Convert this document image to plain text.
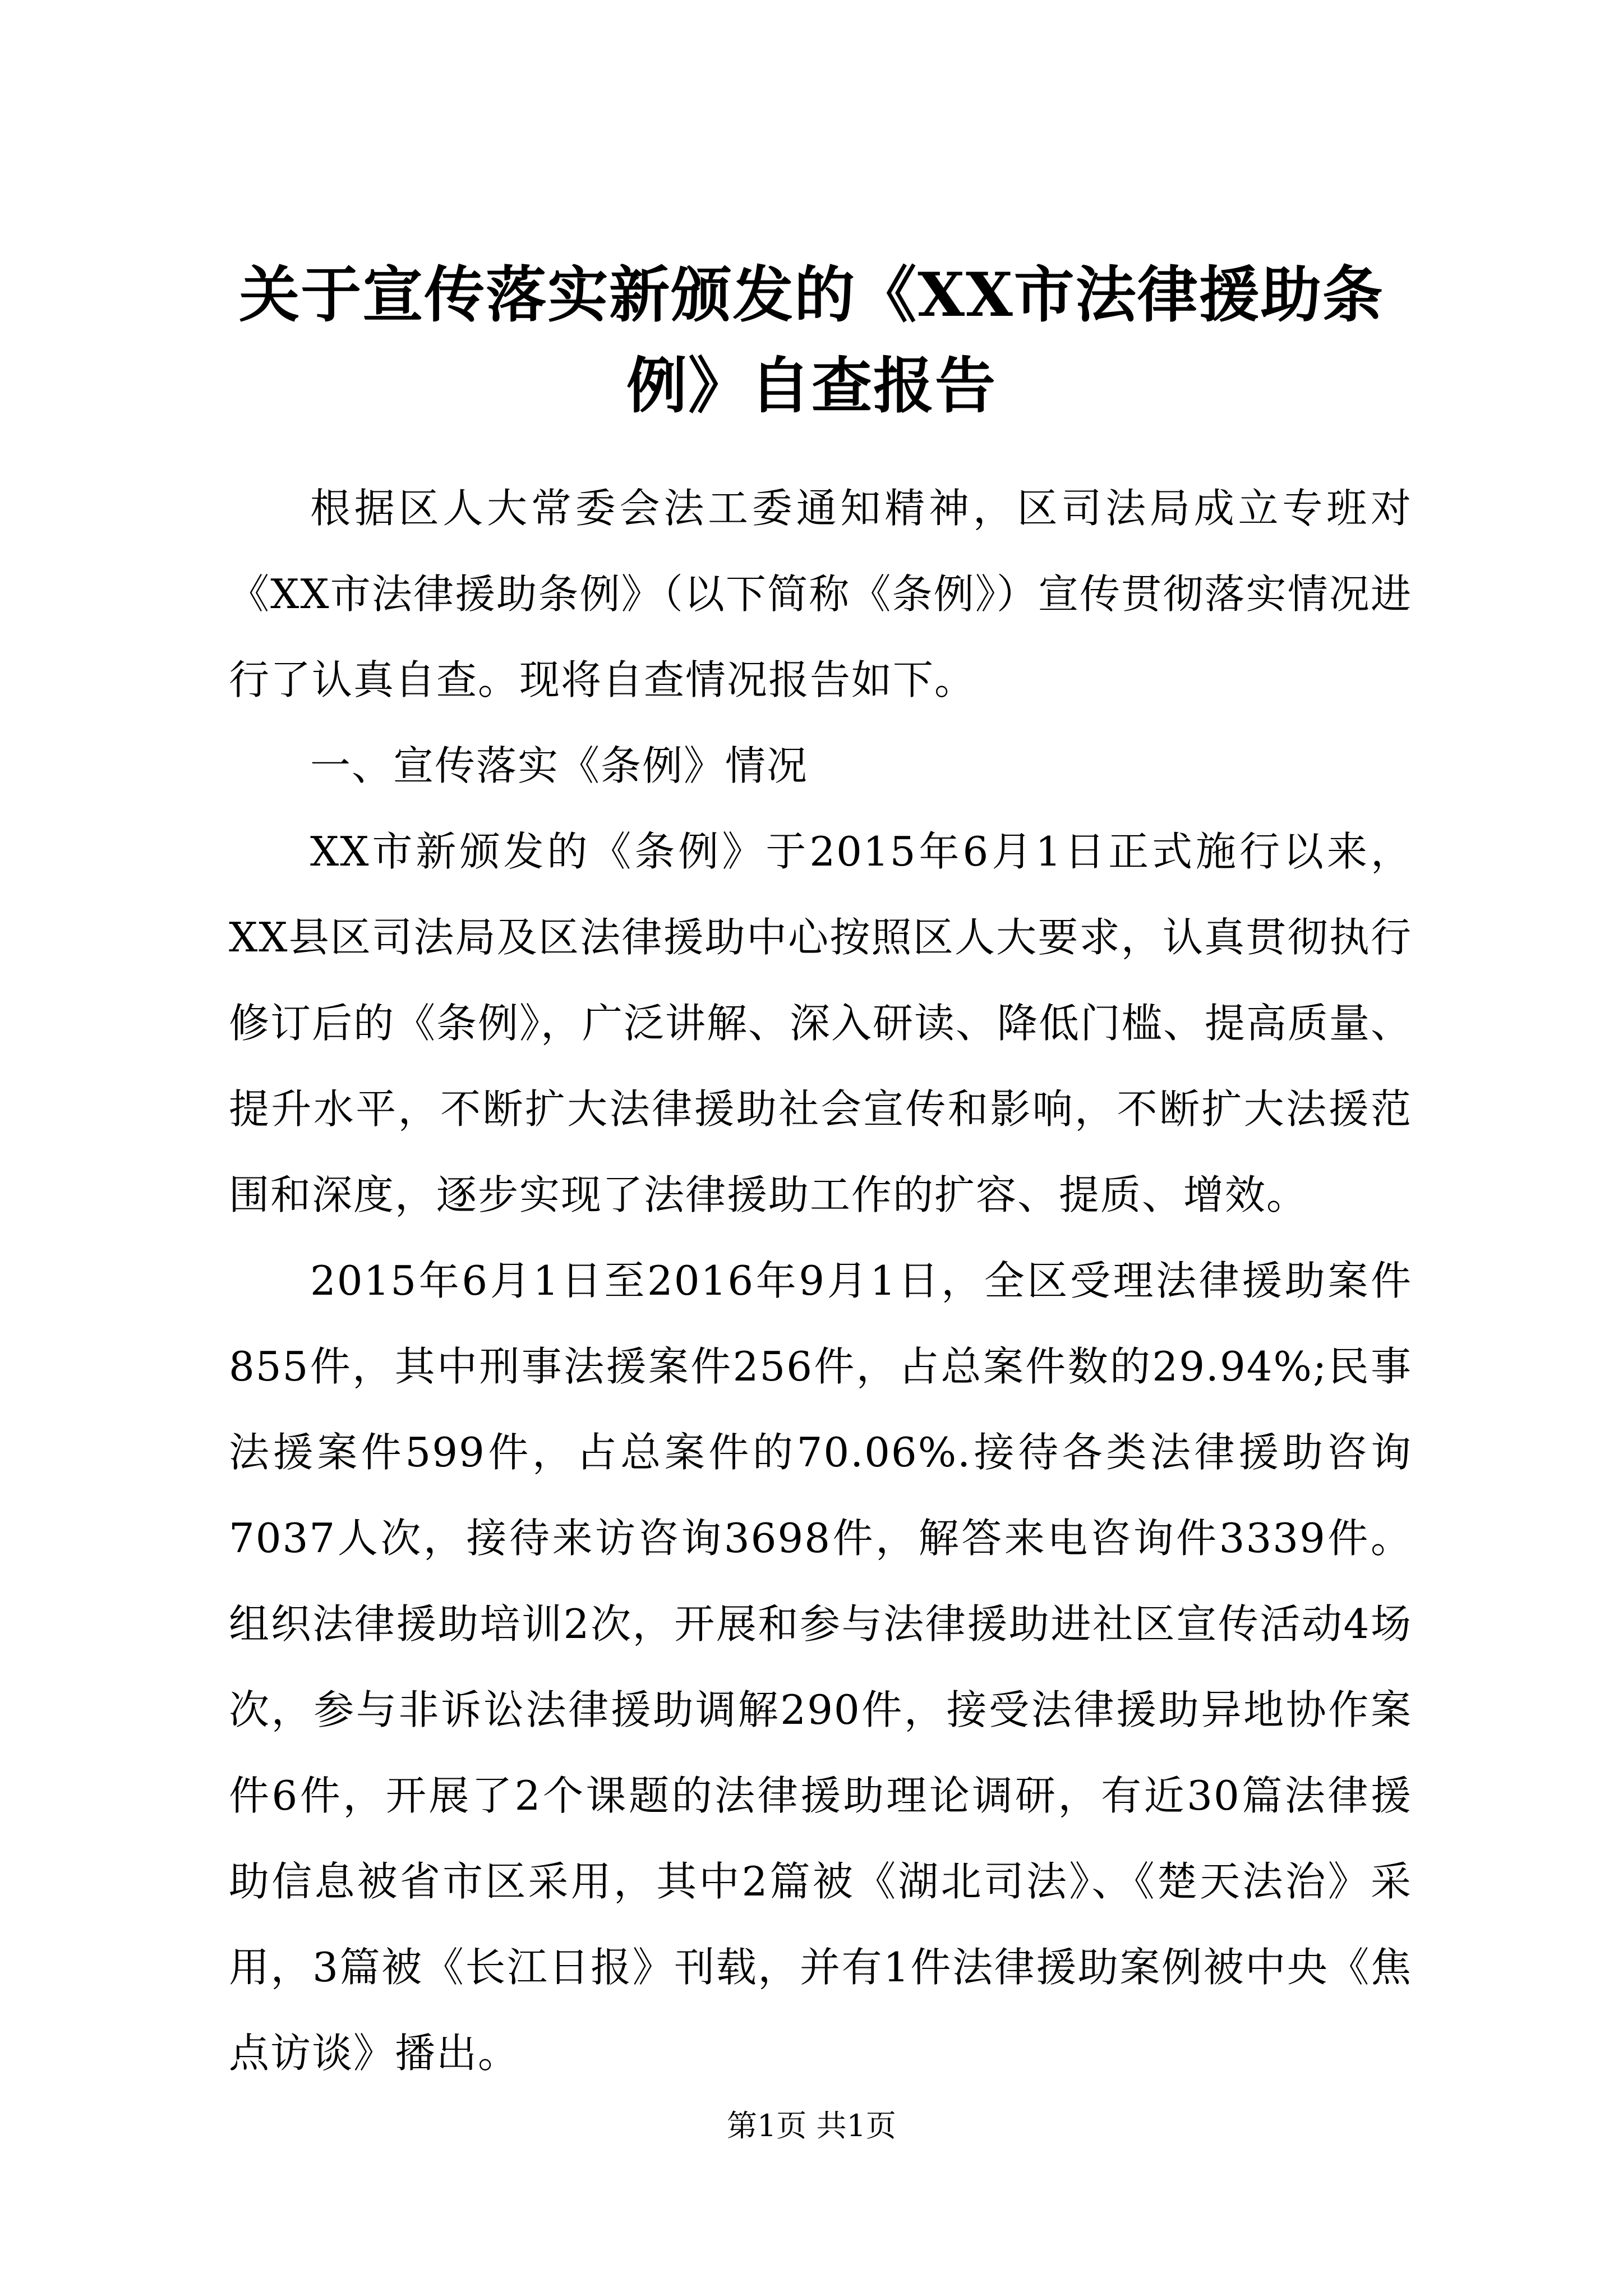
关于宣传落实新颁发的《XX市法律援助条
例》自查报告

根据区人大常委会法工委通知精神，区司法局成立专班对《XX市法律援助条例》（以下简称《条例》）宣传贯彻落实情况进行了认真自查。现将自查情况报告如下。

一、宣传落实《条例》情况

XX市新颁发的《条例》于2015年6月1日正式施行以来，XX县区司法局及区法律援助中心按照区人大要求，认真贯彻执行修订后的《条例》，广泛讲解、深入研读、降低门槛、提高质量、提升水平，不断扩大法律援助社会宣传和影响，不断扩大法援范围和深度，逐步实现了法律援助工作的扩容、提质、增效。

2015年6月1日至2016年9月1日，全区受理法律援助案件855件，其中刑事法援案件256件，占总案件数的29.94%;民事法援案件599件，占总案件的70.06%.接待各类法律援助咨询7037人次，接待来访咨询3698件，解答来电咨询件3339件。组织法律援助培训2次，开展和参与法律援助进社区宣传活动4场次，参与非诉讼法律援助调解290件，接受法律援助异地协作案件6件，开展了2个课题的法律援助理论调研，有近30篇法律援助信息被省市区采用，其中2篇被《湖北司法》、《楚天法治》采用，3篇被《长江日报》刊载，并有1件法律援助案例被中央《焦点访谈》播出。

第1页 共1页
